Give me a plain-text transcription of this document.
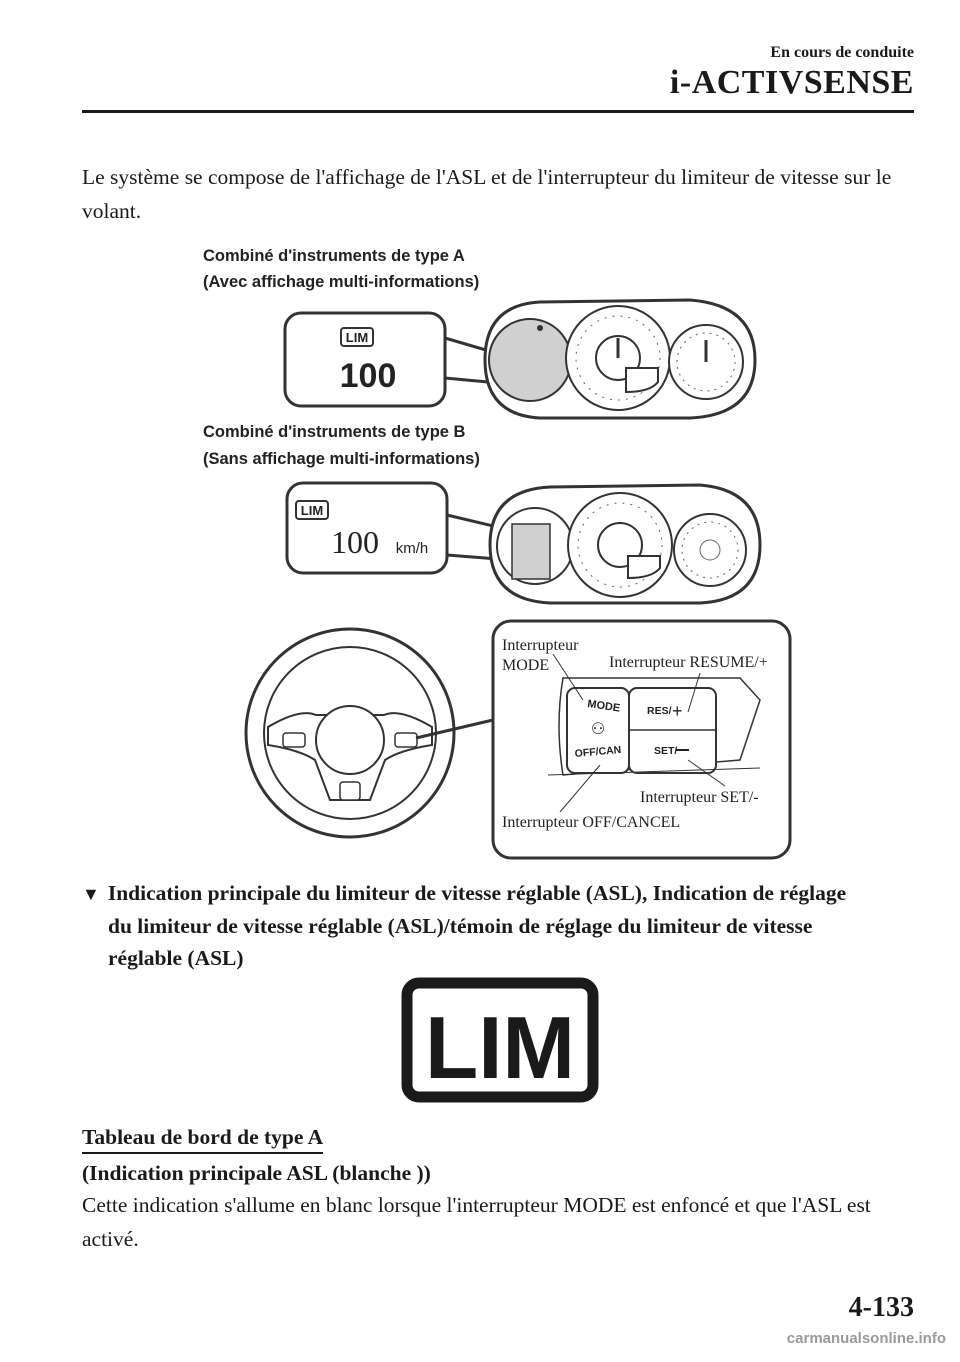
En cours de conduite
i-ACTIVSENSE
Le système se compose de l'affichage de l'ASL et de l'interrupteur du limiteur de vitesse sur le volant.
Combiné d'instruments de type A
(Avec affichage multi-informations)
LIM
100
Combiné d'instruments de type B
(Sans affichage multi-informations)
LIM
100 km/h
MODE
⚇
OFF/CAN
RES/ +
SET/
Interrupteur
MODE	Interrupteur RESUME/+
Interrupteur SET/-
Interrupteur OFF/CANCEL
LIM
▼ Indication principale du limiteur de vitesse réglable (ASL), Indication de réglage
du limiteur de vitesse réglable (ASL)/témoin de réglage du limiteur de vitesse
réglable (ASL)
Tableau de bord de type A
(Indication principale ASL (blanche ))
Cette indication s'allume en blanc lorsque l'interrupteur MODE est enfoncé et que l'ASL est activé.
4-133
carmanualsonline.info
